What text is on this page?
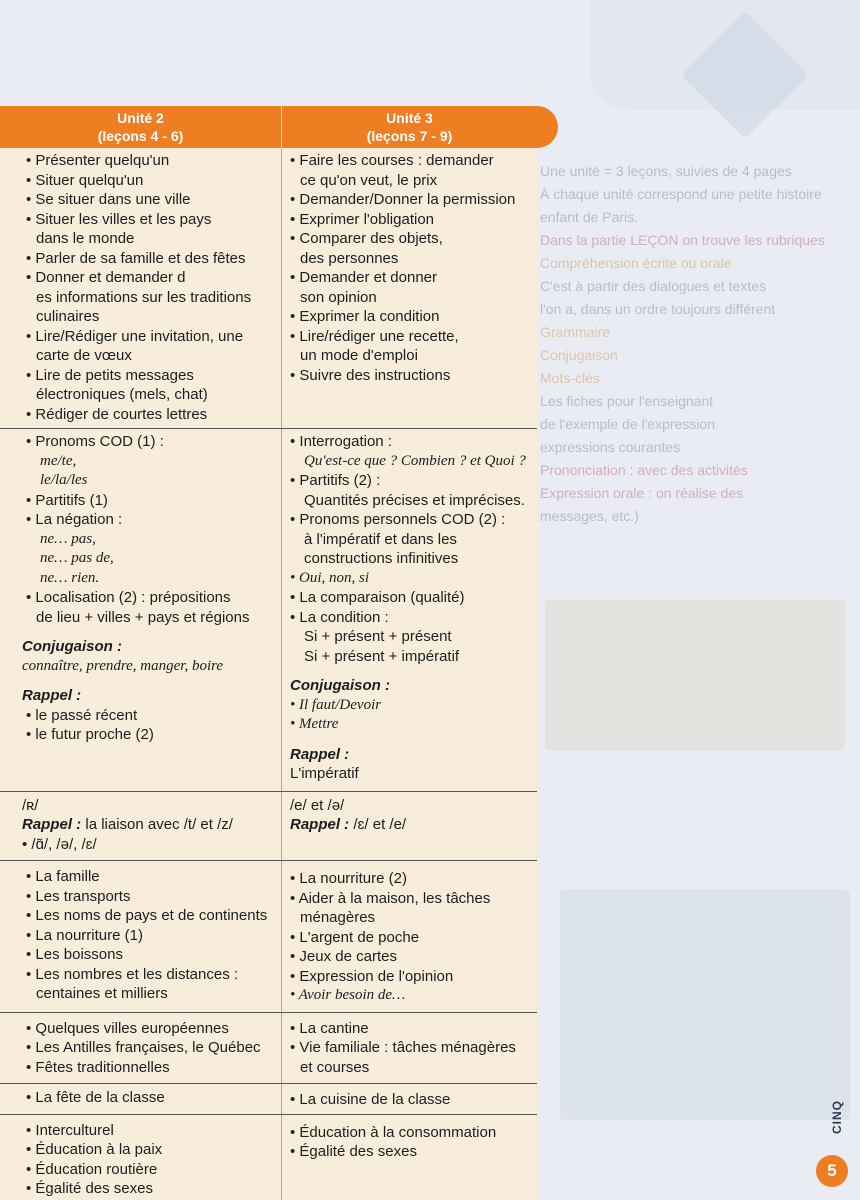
Une unité = 3 leçons, suivies de 4 pages
À chaque unité correspond une petite histoire
enfant de Paris.
Dans la partie LEÇON on trouve les rubriques
Compréhension écrite ou orale
C'est à partir des dialogues et textes
l'on a, dans un ordre toujours différent
Grammaire
Conjugaison
Mots-clés
Les fiches pour l'enseignant
de l'exemple de l'expression
expressions courantes
Prononciation : avec des activités
Expression orale : on réalise des
messages, etc.)
CINQ
5
Unité 2
(leçons 4 - 6)
Unité 3
(leçons 7 - 9)
• Présenter quelqu'un
• Situer quelqu'un
• Se situer dans une ville
• Situer les villes et les pays
dans le monde
• Parler de sa famille et des fêtes
• Donner et demander d
es informations sur les traditions
culinaires
• Lire/Rédiger une invitation, une
carte de vœux
• Lire de petits messages
électroniques (mels, chat)
• Rédiger de courtes lettres
• Faire les courses : demander
ce qu'on veut, le prix
• Demander/Donner la permission
• Exprimer l'obligation
• Comparer des objets,
des personnes
• Demander et donner
son opinion
• Exprimer la condition
• Lire/rédiger une recette,
un mode d'emploi
• Suivre des instructions
• Pronoms COD (1) :
me/te,
le/la/les
• Partitifs (1)
• La négation :
ne… pas,
ne… pas de,
ne… rien.
• Localisation (2) : prépositions
de lieu + villes + pays et régions
Conjugaison :
connaître, prendre, manger, boire
Rappel :
• le passé récent
• le futur proche (2)
• Interrogation :
Qu'est-ce que ? Combien ? et Quoi ?
• Partitifs (2) :
Quantités précises et imprécises.
• Pronoms personnels COD (2) :
à l'impératif et dans les
constructions infinitives
• Oui, non, si
• La comparaison (qualité)
• La condition :
Si + présent + présent
Si + présent + impératif
Conjugaison :
• Il faut/Devoir
• Mettre
Rappel :
L'impératif
/ʀ/
Rappel : la liaison avec /t/ et /z/
• /ɑ̃/, /ə/, /ɛ/
/e/ et /ə/
Rappel : /ɛ/ et /e/
• La famille
• Les transports
• Les noms de pays et de continents
• La nourriture (1)
• Les boissons
• Les nombres et les distances :
centaines et milliers
• La nourriture (2)
• Aider à la maison, les tâches
ménagères
• L'argent de poche
• Jeux de cartes
• Expression de l'opinion
• Avoir besoin de…
• Quelques villes européennes
• Les Antilles françaises, le Québec
• Fêtes traditionnelles
• La cantine
• Vie familiale : tâches ménagères
et courses
• La fête de la classe
•	La cuisine de la classe
• Interculturel
• Éducation à la paix
• Éducation routière
• Égalité des sexes
• Éducation à la consommation
• Égalité des sexes
